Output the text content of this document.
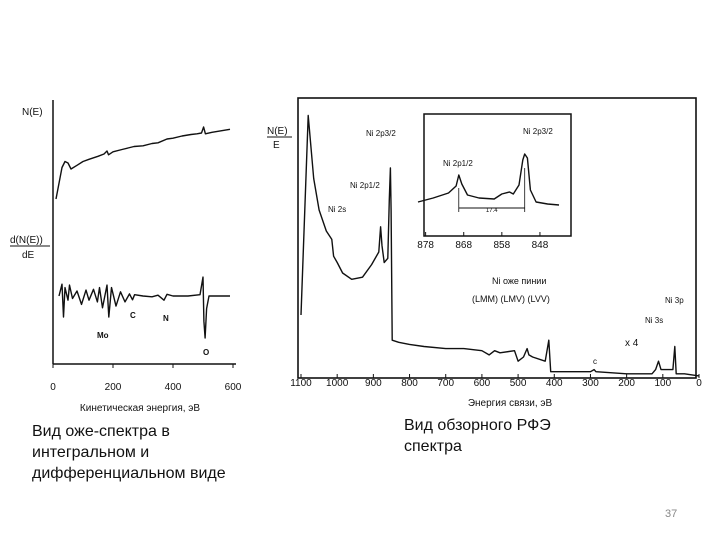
N(E)
d(N(E))
dE
0	200	400	600
Кинетическая энергия, эВ
Mo
C	N
O
N(E)
E
1100 1000 900 800 700 600 500 400 300 200 100	0
Энергия связи, эВ
Ni 2p3/2
Ni 2p1/2
Ni 2s
Ni оже пинии
(LMM) (LMV) (LVV)	Ni 3p
Ni 3s
x 4
c
878 868 858 848
Ni 2p3/2
Ni 2p1/2
17.4
Вид оже-спектра в интегральном и дифференциальном виде
Вид обзорного РФЭ спектра
37
